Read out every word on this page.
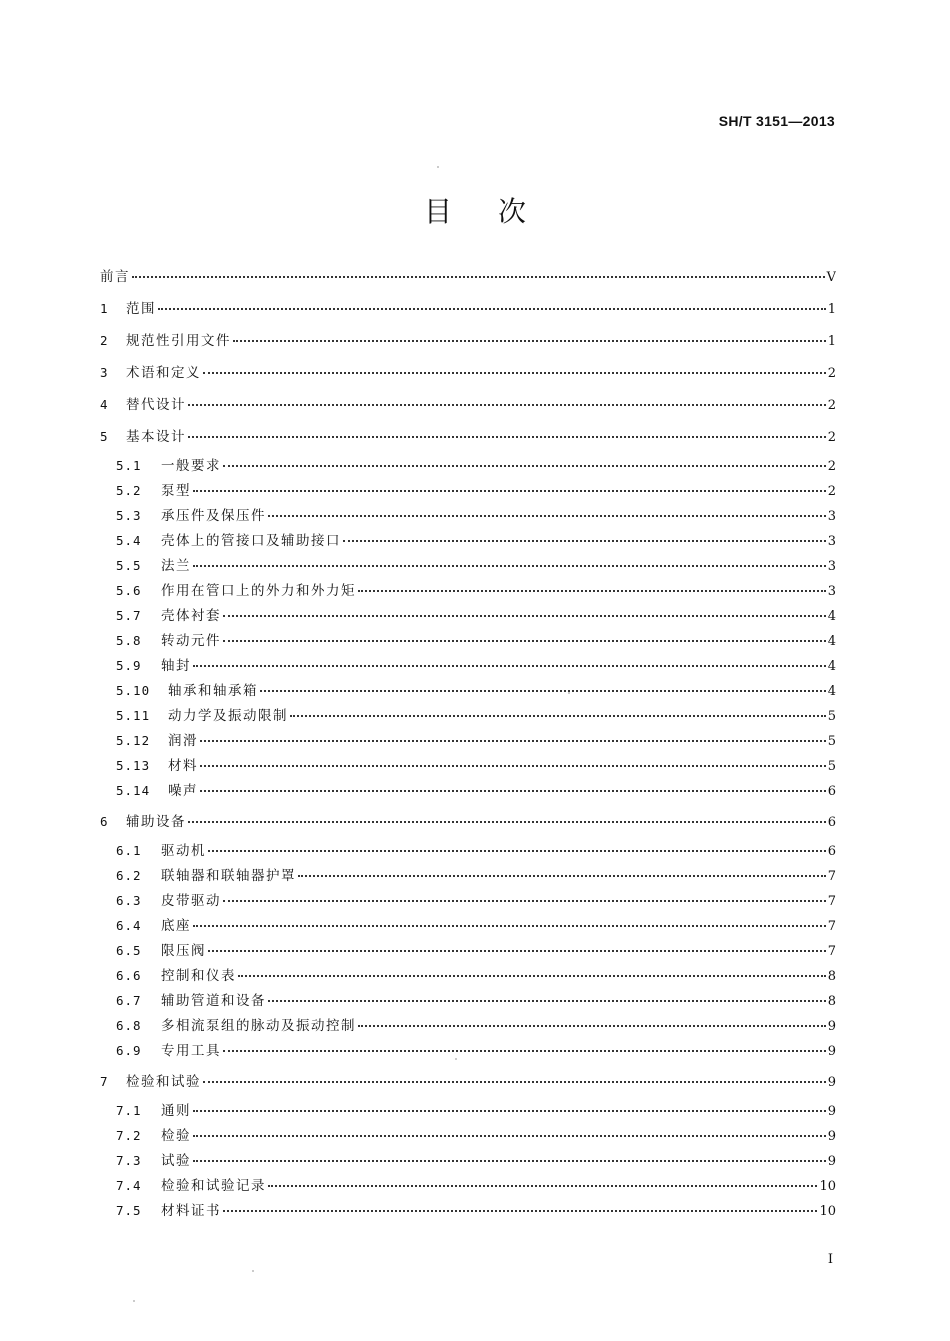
SH/T 3151—2013
目次
前言	V
1	范围	1
2	规范性引用文件	1
3	术语和定义	2
4	替代设计	2
5	基本设计	2
5.1	一般要求	2
5.2	泵型	2
5.3	承压件及保压件	3
5.4	壳体上的管接口及辅助接口	3
5.5	法兰	3
5.6	作用在管口上的外力和外力矩	3
5.7	壳体衬套	4
5.8	转动元件	4
5.9	轴封	4
5.10	轴承和轴承箱	4
5.11	动力学及振动限制	5
5.12	润滑	5
5.13	材料	5
5.14	噪声	6
6	辅助设备	6
6.1	驱动机	6
6.2	联轴器和联轴器护罩	7
6.3	皮带驱动	7
6.4	底座	7
6.5	限压阀	7
6.6	控制和仪表	8
6.7	辅助管道和设备	8
6.8	多相流泵组的脉动及振动控制	9
6.9	专用工具	9
7	检验和试验	9
7.1	通则	9
7.2	检验	9
7.3	试验	9
7.4	检验和试验记录	10
7.5	材料证书	10
I
